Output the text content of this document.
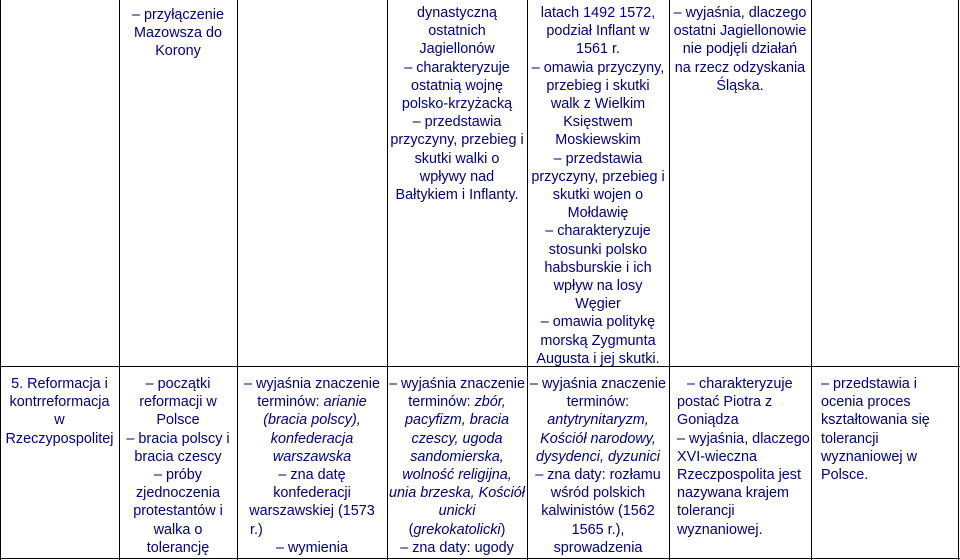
– przyłączenie

Mazowsza do

Korony

dynastyczną

ostatnich

Jagiellonów

– charakteryzuje

ostatnią wojnę

polsko-krzyżacką

– przedstawia

przyczyny, przebieg i

skutki walki o

wpływy nad

Bałtykiem i Inflanty.

latach 1492 1572,

podział Inflant w

1561 r.

– omawia przyczyny,

przebieg i skutki

walk z Wielkim

Księstwem

Moskiewskim

– przedstawia

przyczyny, przebieg i

skutki wojen o

Mołdawię

– charakteryzuje

stosunki polsko

habsburskie i ich

wpływ na losy

Węgier

– omawia politykę

morską Zygmunta

Augusta i jej skutki.

– wyjaśnia, dlaczego

ostatni Jagiellonowie

nie podjęli działań

na rzecz odzyskania

Śląska.

5. Reformacja i

kontrreformacja

w

Rzeczypospolitej

– początki

reformacji w

Polsce

– bracia polscy i

bracia czescy

– próby

zjednoczenia

protestantów i

walka o

tolerancję

– wyjaśnia znaczenie

terminów: arianie

(bracia polscy),

konfederacja

warszawska

– zna datę

konfederacji

warszawskiej (1573

r.)

– wymienia

– wyjaśnia znaczenie

terminów: zbór,

pacyfizm, bracia

czescy, ugoda

sandomierska,

wolność religijna,

unia brzeska, Kościół

unicki

(grekokatolicki)

– zna daty: ugody

– wyjaśnia znaczenie

terminów:

antytrynitaryzm,

Kościół narodowy,

dysydenci, dyzunici

– zna daty: rozłamu

wśród polskich

kalwinistów (1562

1565 r.),

sprowadzenia

– charakteryzuje

postać Piotra z

Goniądza

– wyjaśnia, dlaczego

XVI-wieczna

Rzeczpospolita jest

nazywana krajem

tolerancji

wyznaniowej.

– przedstawia i

ocenia proces

kształtowania się

tolerancji

wyznaniowej w

Polsce.
